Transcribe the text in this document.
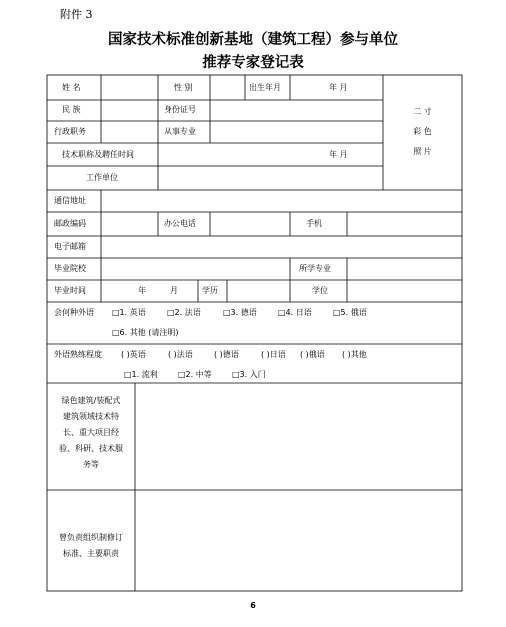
附件 3
国家技术标准创新基地（建筑工程）参与单位
推荐专家登记表
姓 名	性 别	出生年月	年 月
二 寸
彩 色
照 片
民 族	身份证号
行政职务	从事专业
技术职称及聘任时间	年 月
工作单位
通信地址
邮政编码	办公电话	手机
电子邮箱
毕业院校	所学专业
毕业时间	年	月	学历	学位
会何种外语 □1. 英语	□2. 法语	□3. 德语	□4. 日语	□5. 俄语
□6. 其他 (请注明)
外语熟练程度 ( )英语	( )法语	( )德语	( )日语 ( )俄语 ( )其他
□1. 流利	□2. 中等	□3. 入门
绿色建筑/装配式
建筑领域技术特
长、重大项目经
验、科研、技术服
务等
曾负责组织制修订
标准、主要职责
6
